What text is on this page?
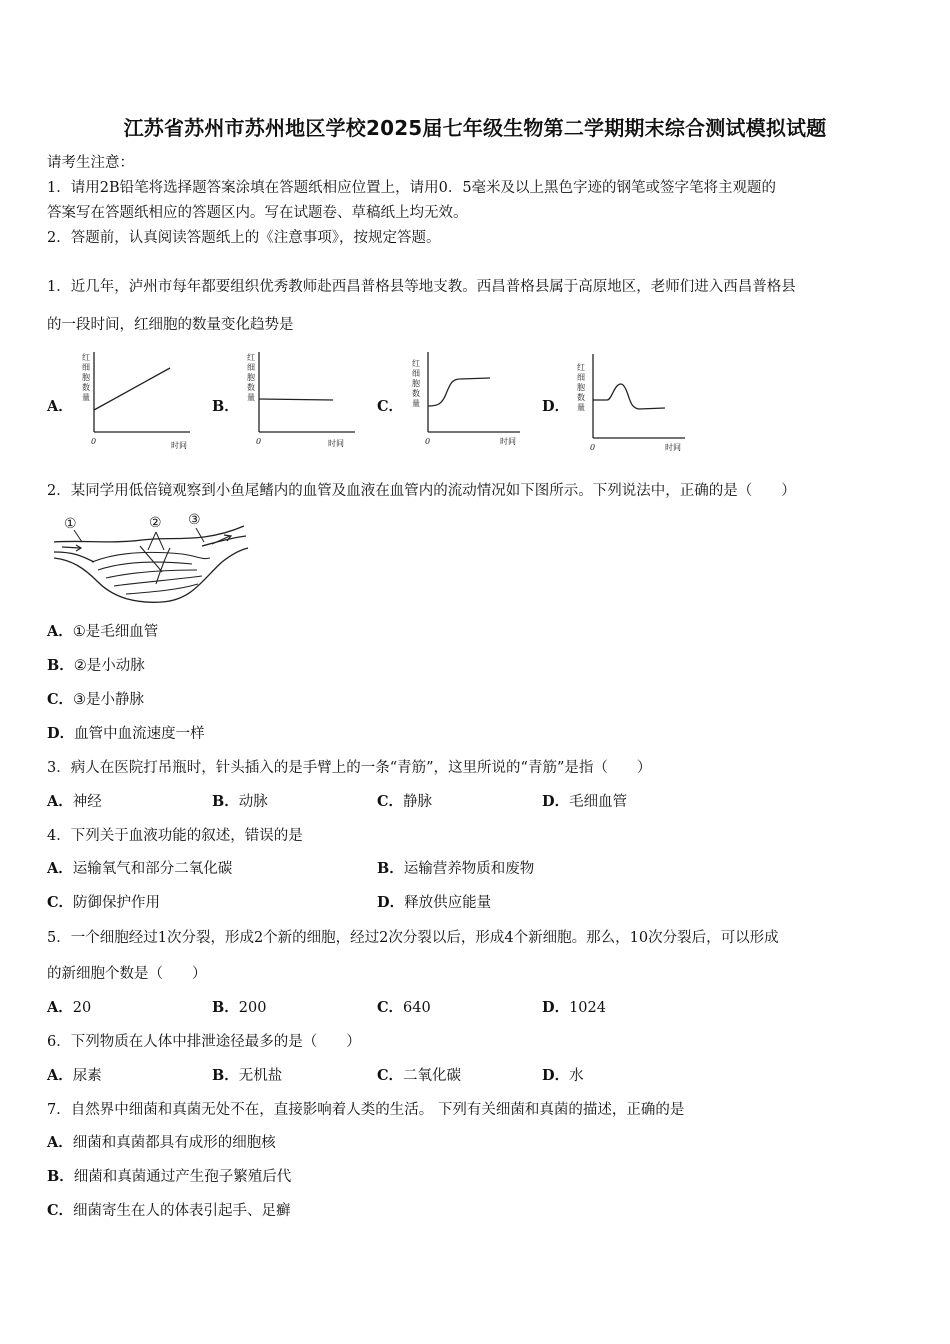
江苏省苏州市苏州地区学校2025届七年级生物第二学期期末综合测试模拟试题
请考生注意：
1．请用2B铅笔将选择题答案涂填在答题纸相应位置上，请用0．5毫米及以上黑色字迹的钢笔或签字笔将主观题的
答案写在答题纸相应的答题区内。写在试题卷、草稿纸上均无效。
2．答题前，认真阅读答题纸上的《注意事项》，按规定答题。
1．近几年，泸州市每年都要组织优秀教师赴西昌普格县等地支教。西昌普格县属于高原地区，老师们进入西昌普格县
的一段时间，红细胞的数量变化趋势是
A．	B．	C．	D．
红
细
胞
数
量
0	时间
红
细
胞
数
量
0	时间
红
细
胞
数
量
0	时间
红
细
胞
数
量
0	时间
2．某同学用低倍镜观察到小鱼尾鳍内的血管及血液在血管内的流动情况如下图所示。下列说法中，正确的是（　　）
①	② ③
A．①是毛细血管
B．②是小动脉
C．③是小静脉
D．血管中血流速度一样
3．病人在医院打吊瓶时，针头插入的是手臂上的一条“青筋”，这里所说的“青筋”是指（　　）
A．神经	B．动脉	C．静脉	D．毛细血管
4．下列关于血液功能的叙述，错误的是
A．运输氧气和部分二氧化碳	B．运输营养物质和废物
C．防御保护作用	D．释放供应能量
5．一个细胞经过1次分裂，形成2个新的细胞，经过2次分裂以后，形成4个新细胞。那么，10次分裂后，可以形成
的新细胞个数是（　　）
A．20	B．200	C．640	D．1024
6．下列物质在人体中排泄途径最多的是（　　）
A．尿素	B．无机盐	C．二氧化碳	D．水
7．自然界中细菌和真菌无处不在，直接影响着人类的生活。 下列有关细菌和真菌的描述，正确的是
A．细菌和真菌都具有成形的细胞核
B．细菌和真菌通过产生孢子繁殖后代
C．细菌寄生在人的体表引起手、足癣
